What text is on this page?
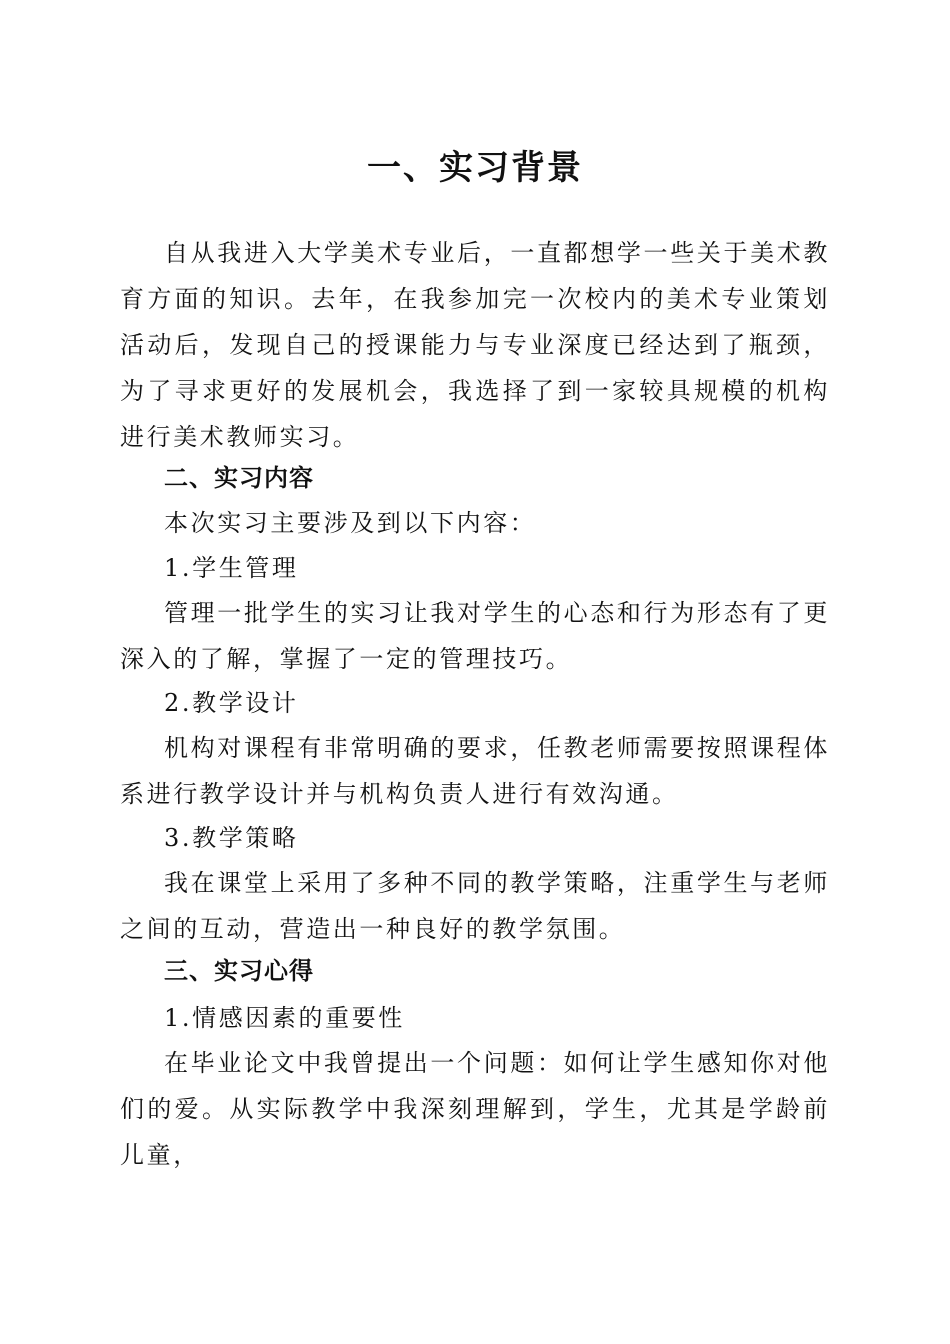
一、实习背景
自从我进入大学美术专业后，一直都想学一些关于美术教育方面的知识。去年，在我参加完一次校内的美术专业策划活动后，发现自己的授课能力与专业深度已经达到了瓶颈，为了寻求更好的发展机会，我选择了到一家较具规模的机构进行美术教师实习。
二、实习内容
本次实习主要涉及到以下内容：
1.学生管理
管理一批学生的实习让我对学生的心态和行为形态有了更深入的了解，掌握了一定的管理技巧。
2.教学设计
机构对课程有非常明确的要求，任教老师需要按照课程体系进行教学设计并与机构负责人进行有效沟通。
3.教学策略
我在课堂上采用了多种不同的教学策略，注重学生与老师之间的互动，营造出一种良好的教学氛围。
三、实习心得
1.情感因素的重要性
在毕业论文中我曾提出一个问题：如何让学生感知你对他们的爱。从实际教学中我深刻理解到，学生，尤其是学龄前儿童，
